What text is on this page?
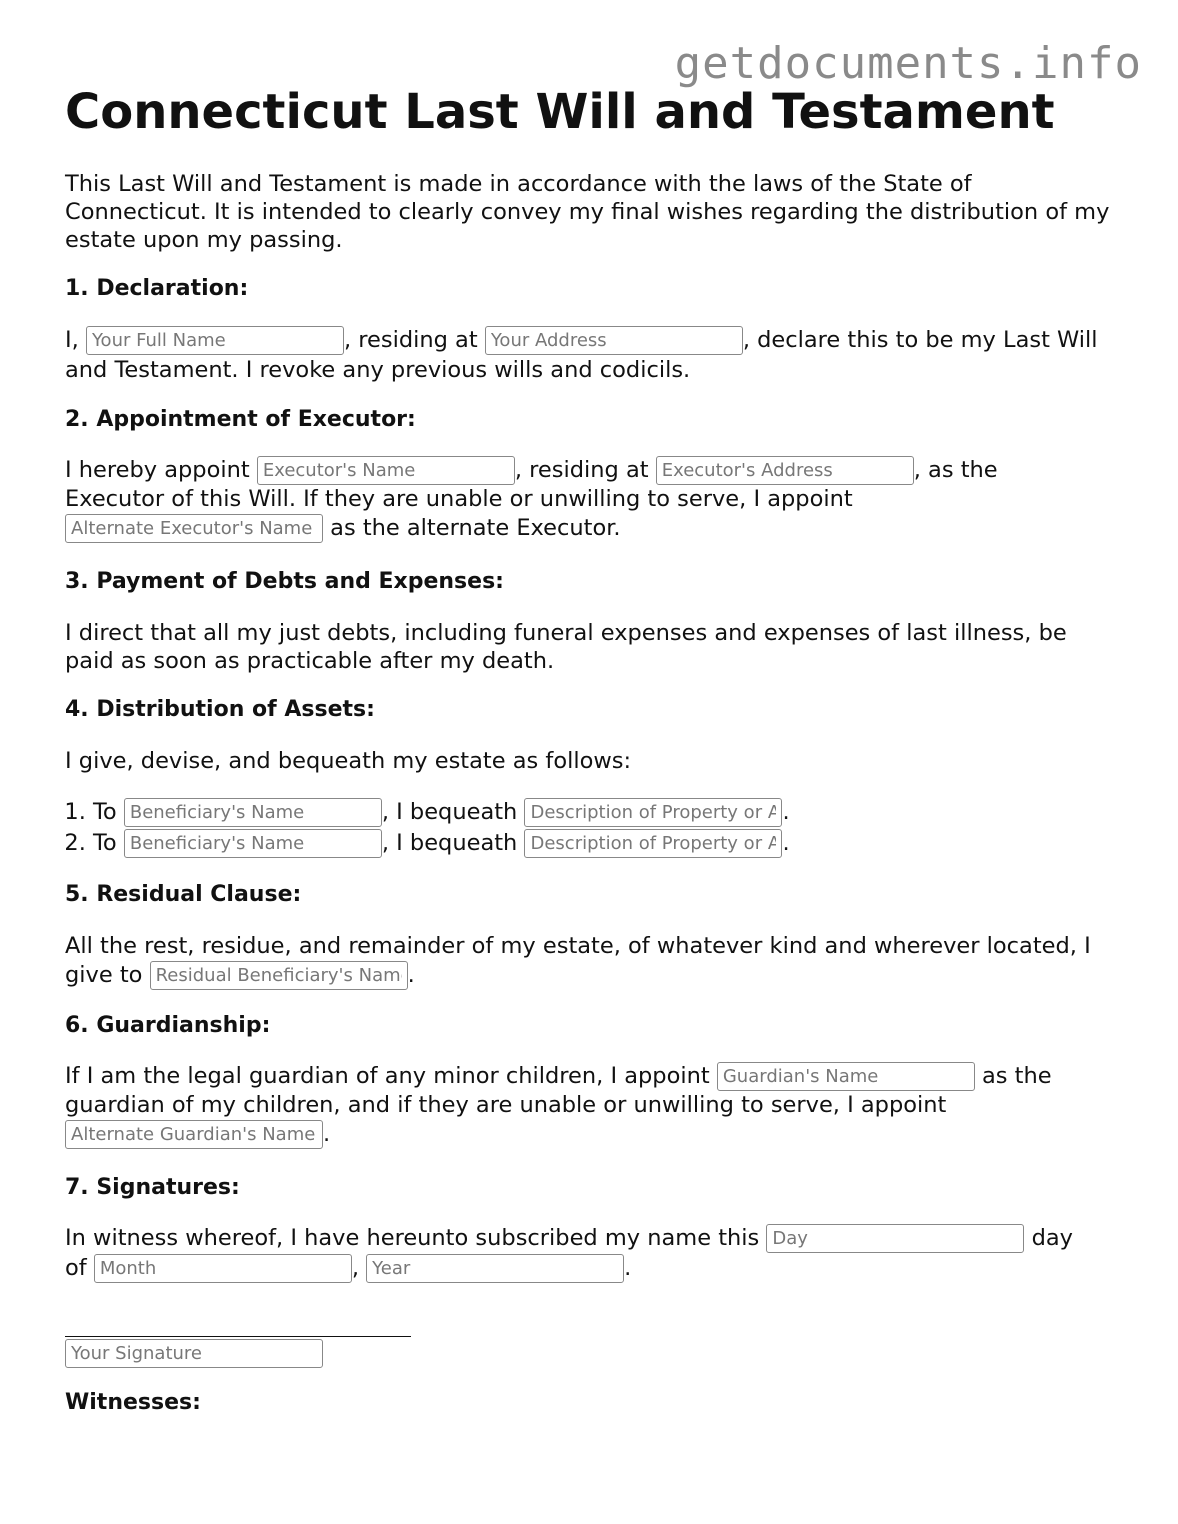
getdocuments.info
Connecticut Last Will and Testament

This Last Will and Testament is made in accordance with the laws of the State of Connecticut. It is intended to clearly convey my final wishes regarding the distribution of my estate upon my passing.

1. Declaration:

I, Your Full Name	, residing at Your Address	, declare this to be my Last Will and Testament. I revoke any previous wills and codicils.

2. Appointment of Executor:

I hereby appoint Executor's Name	, residing at Executor's Address	, as the Executor of this Will. If they are unable or unwilling to serve, I appoint Alternate Executor's Name as the alternate Executor.

3. Payment of Debts and Expenses:

I direct that all my just debts, including funeral expenses and expenses of last illness, be paid as soon as practicable after my death.

4. Distribution of Assets:

I give, devise, and bequeath my estate as follows:

1. To Beneficiary's Name	, I bequeath Description of Property or Asset	.
2. To Beneficiary's Name	, I bequeath Description of Property or Asset	.
5. Residual Clause:

All the rest, residue, and remainder of my estate, of whatever kind and wherever located, I give to Residual Beneficiary's Name	.

6. Guardianship:

If I am the legal guardian of any minor children, I appoint Guardian's Name	as the guardian of my children, and if they are unable or unwilling to serve, I appoint Alternate Guardian's Name.

7. Signatures:

In witness whereof, I have hereunto subscribed my name this Day	day of Month	, Year	.

Your Signature
Witnesses:
